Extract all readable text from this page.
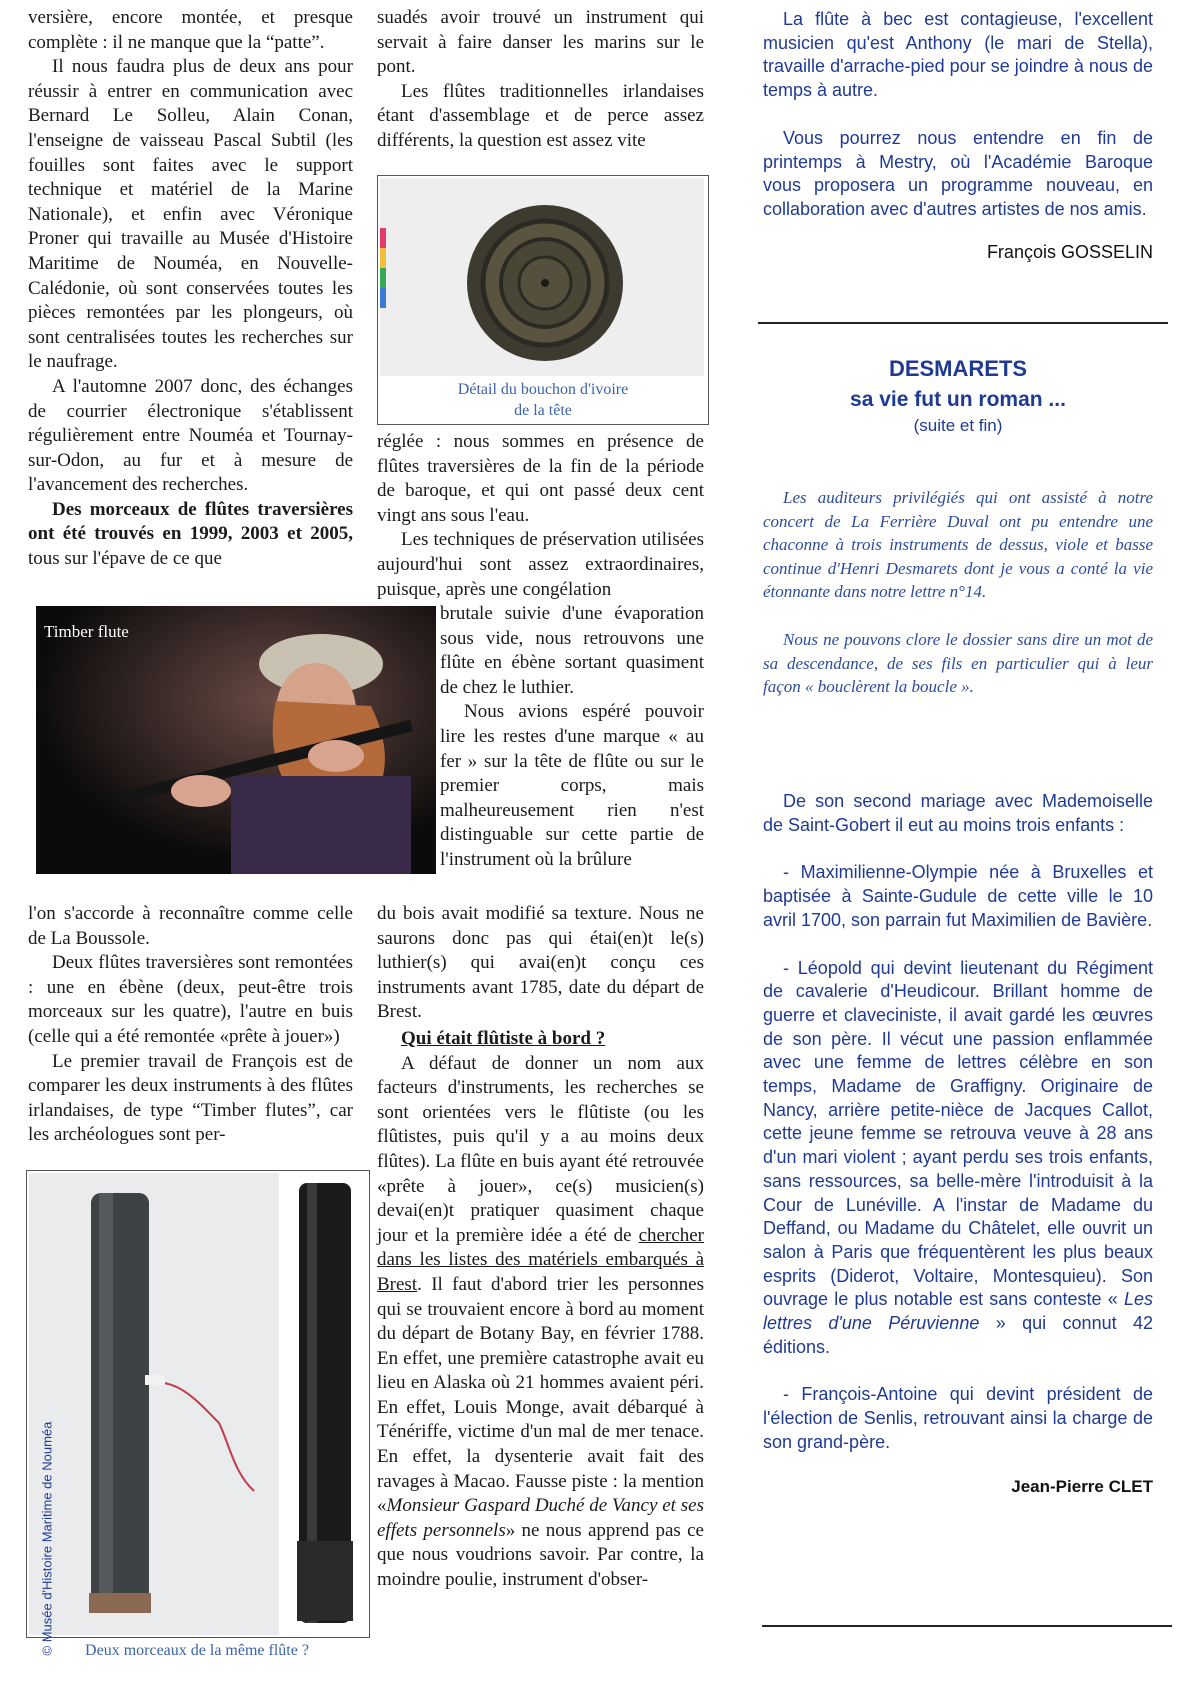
versière, encore montée, et presque complète : il ne manque que la “patte”.

Il nous faudra plus de deux ans pour réussir à entrer en communication avec Bernard Le Solleu, Alain Conan, l'enseigne de vaisseau Pascal Subtil (les fouilles sont faites avec le support technique et matériel de la Marine Nationale), et enfin avec Véronique Proner qui travaille au Musée d'Histoire Maritime de Nouméa, en Nouvelle-Calédonie, où sont conservées toutes les pièces remontées par les plongeurs, où sont centralisées toutes les recherches sur le naufrage.

A l'automne 2007 donc, des échanges de courrier électronique s'établissent régulièrement entre Nouméa et Tournay-sur-Odon, au fur et à mesure de l'avancement des recherches.

Des morceaux de flûtes traversières ont été trouvés en 1999, 2003 et 2005, tous sur l'épave de ce que

Timber flute

l'on s'accorde à reconnaître comme celle de La Boussole.

Deux flûtes traversières sont remontées : une en ébène (deux, peut-être trois morceaux sur les quatre), l'autre en buis (celle qui a été remontée «prête à jouer»)

Le premier travail de François est de comparer les deux instruments à des flûtes irlandaises, de type “Timber flutes”, car les archéologues sont per-

© Musée d'Histoire Maritime de Nouméa	Deux morceaux de la même flûte ?

suadés avoir trouvé un instrument qui servait à faire danser les marins sur le pont.

Les flûtes traditionnelles irlandaises étant d'assemblage et de perce assez différents, la question est assez vite

Détail du bouchon d'ivoire
de la tête

réglée : nous sommes en présence de flûtes traversières de la fin de la période de baroque, et qui ont passé deux cent vingt ans sous l'eau.

Les techniques de préservation utilisées aujourd'hui sont assez extraordinaires, puisque, après une congélation

brutale suivie d'une évaporation sous vide, nous retrouvons une flûte en ébène sortant quasiment de chez le luthier.

Nous avions espéré pouvoir lire les restes d'une marque « au fer » sur la tête de flûte ou sur le premier corps, mais malheureusement rien n'est distinguable sur cette partie de l'instrument où la brûlure

du bois avait modifié sa texture. Nous ne saurons donc pas qui étai(en)t le(s) luthier(s) qui avai(en)t conçu ces instruments avant 1785, date du départ de Brest.

Qui était flûtiste à bord ?

A défaut de donner un nom aux facteurs d'instruments, les recherches se sont orientées vers le flûtiste (ou les flûtistes, puis qu'il y a au moins deux flûtes). La flûte en buis ayant été retrouvée «prête à jouer», ce(s) musicien(s) devai(en)t pratiquer quasiment chaque jour et la première idée a été de chercher dans les listes des matériels embarqués à Brest. Il faut d'abord trier les personnes qui se trouvaient encore à bord au moment du départ de Botany Bay, en février 1788. En effet, une première catastrophe avait eu lieu en Alaska où 21 hommes avaient péri. En effet, Louis Monge, avait débarqué à Ténériffe, victime d'un mal de mer tenace. En effet, la dysenterie avait fait des ravages à Macao. Fausse piste : la mention «Monsieur Gaspard Duché de Vancy et ses effets personnels» ne nous apprend pas ce que nous voudrions savoir. Par contre, la moindre poulie, instrument d'obser-

La flûte à bec est contagieuse, l'excellent musicien qu'est Anthony (le mari de Stella), travaille d'arrache-pied pour se joindre à nous de temps à autre.

Vous pourrez nous entendre en fin de printemps à Mestry, où l'Académie Baroque vous proposera un programme nouveau, en collaboration avec d'autres artistes de nos amis.

François GOSSELIN
DESMARETS
sa vie fut un roman ...
(suite et fin)

Les auditeurs privilégiés qui ont assisté à notre concert de La Ferrière Duval ont pu entendre une chaconne à trois instruments de dessus, viole et basse continue d'Henri Desmarets dont je vous a conté la vie étonnante dans notre lettre n°14.

Nous ne pouvons clore le dossier sans dire un mot de sa descendance, de ses fils en particulier qui à leur façon « bouclèrent la boucle ».

De son second mariage avec Mademoiselle de Saint-Gobert il eut au moins trois enfants :

- Maximilienne-Olympie née à Bruxelles et baptisée à Sainte-Gudule de cette ville le 10 avril 1700, son parrain fut Maximilien de Bavière.

- Léopold qui devint lieutenant du Régiment de cavalerie d'Heudicour. Brillant homme de guerre et claveciniste, il avait gardé les œuvres de son père. Il vécut une passion enflammée avec une femme de lettres célèbre en son temps, Madame de Graffigny. Originaire de Nancy, arrière petite-nièce de Jacques Callot, cette jeune femme se retrouva veuve à 28 ans d'un mari violent ; ayant perdu ses trois enfants, sans ressources, sa belle-mère l'introduisit à la Cour de Lunéville. A l'instar de Madame du Deffand, ou Madame du Châtelet, elle ouvrit un salon à Paris que fréquentèrent les plus beaux esprits (Diderot, Voltaire, Montesquieu). Son ouvrage le plus notable est sans conteste « Les lettres d'une Péruvienne » qui connut 42 éditions.

- François-Antoine qui devint président de l'élection de Senlis, retrouvant ainsi la charge de son grand-père.

Jean-Pierre CLET
